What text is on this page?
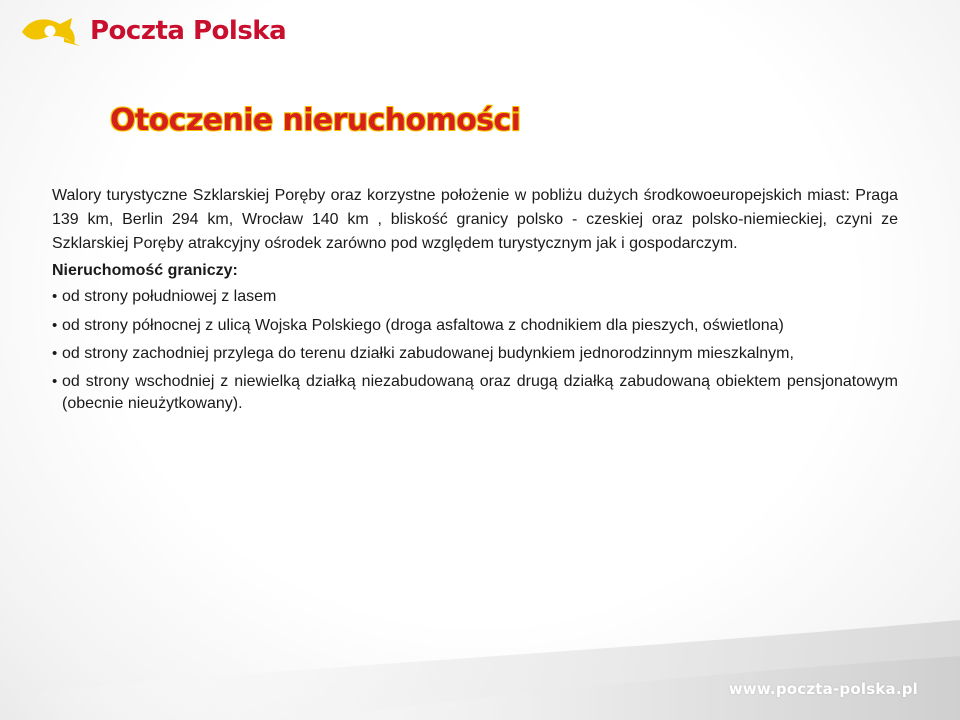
Poczta Polska
Otoczenie nieruchomości

Walory turystyczne Szklarskiej Poręby oraz korzystne położenie w pobliżu dużych środkowoeuropejskich miast: Praga 139 km, Berlin 294 km, Wrocław 140 km , bliskość granicy polsko - czeskiej oraz polsko-niemieckiej, czyni ze Szklarskiej Poręby atrakcyjny ośrodek zarówno pod względem turystycznym jak i gospodarczym.

Nieruchomość graniczy:
• od strony południowej z lasem
• od strony północnej z ulicą Wojska Polskiego (droga asfaltowa z chodnikiem dla pieszych, oświetlona)
• od strony zachodniej przylega do terenu działki zabudowanej budynkiem jednorodzinnym mieszkalnym,
• od strony wschodniej z niewielką działką niezabudowaną oraz drugą działką zabudowaną obiektem pensjonatowym (obecnie nieużytkowany).
www.poczta-polska.pl
